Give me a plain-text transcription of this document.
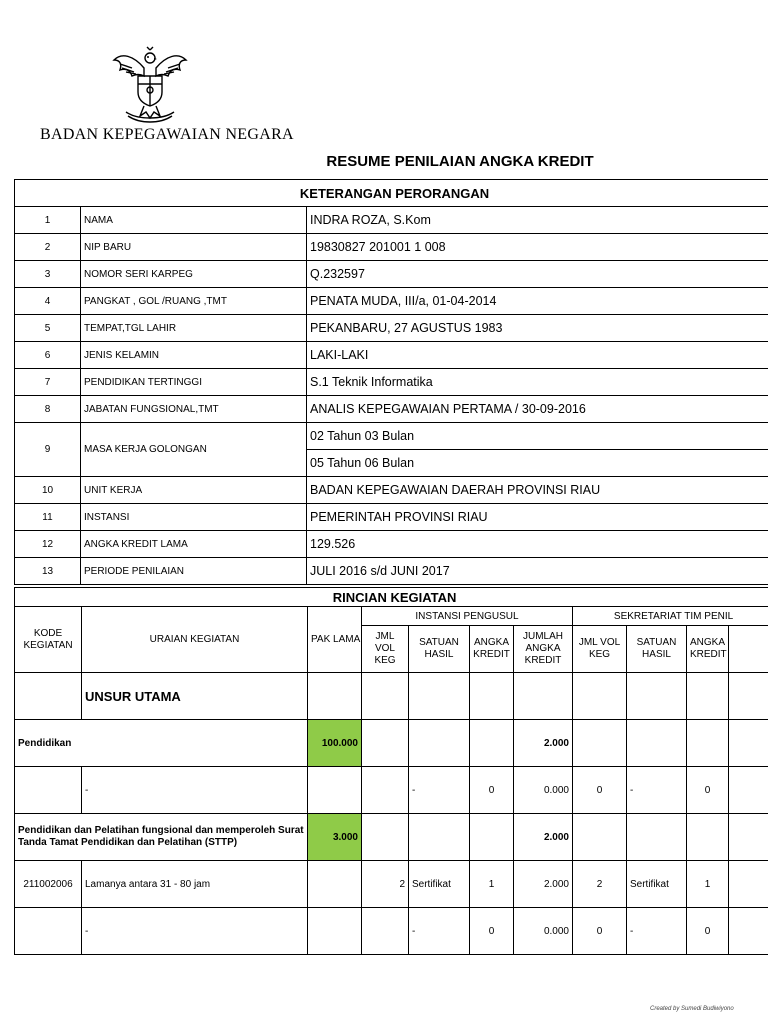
BADAN KEPEGAWAIAN NEGARA
RESUME PENILAIAN ANGKA KREDIT
KETERANGAN PERORANGAN		
1	NAMA	INDRA ROZA, S.Kom
2	NIP BARU	19830827 201001 1 008
3	NOMOR SERI KARPEG	Q.232597
4	PANGKAT , GOL /RUANG ,TMT	PENATA MUDA, III/a, 01-04-2014
5	TEMPAT,TGL LAHIR	PEKANBARU, 27 AGUSTUS 1983
6	JENIS KELAMIN	LAKI-LAKI
7	PENDIDIKAN TERTINGGI	S.1 Teknik Informatika
8	JABATAN FUNGSIONAL,TMT	ANALIS KEPEGAWAIAN PERTAMA / 30-09-2016
9	MASA KERJA GOLONGAN	02 Tahun 03 Bulan
		05 Tahun 06 Bulan
10	UNIT KERJA	BADAN KEPEGAWAIAN DAERAH PROVINSI RIAU
11	INSTANSI	PEMERINTAH PROVINSI RIAU
12	ANGKA KREDIT LAMA	129.526
13	PERIODE PENILAIAN	JULI 2016 s/d JUNI 2017
RINCIAN KEGIATAN										
KODE KEGIATAN	URAIAN KEGIATAN	PAK LAMA	INSTANSI PENGUSUL				SEKRETARIAT TIM PENIL			
			JML VOL KEG	SATUAN HASIL	ANGKA KREDIT	JUMLAH ANGKA KREDIT	JML VOL KEG	SATUAN HASIL	ANGKA KREDIT	
	UNSUR UTAMA									
Pendidikan		100.000				2.000				
	-			-	0	0.000	0	-	0	
Pendidikan dan Pelatihan fungsional dan memperoleh Surat Tanda Tamat Pendidikan dan Pelatihan (STTP)		3.000				2.000				
211002006	Lamanya antara 31 - 80 jam		2	Sertifikat	1	2.000	2	Sertifikat	1	
	-			-	0	0.000	0	-	0	
Created by Sumedi Budiwiyono
